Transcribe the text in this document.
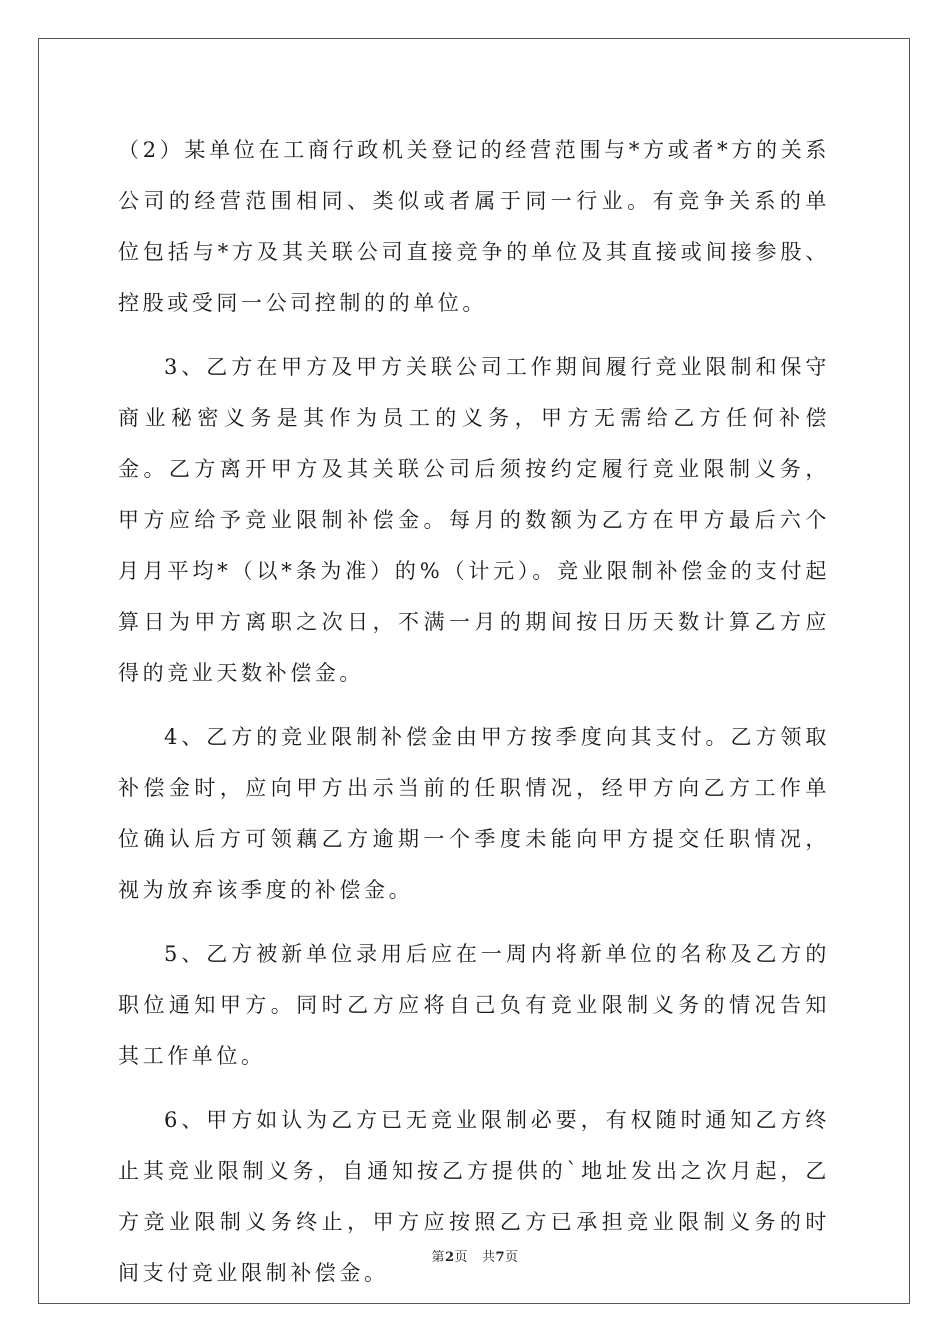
（2）某单位在工商行政机关登记的经营范围与*方或者*方的关系公司的经营范围相同、类似或者属于同一行业。有竞争关系的单位包括与*方及其关联公司直接竞争的单位及其直接或间接参股、控股或受同一公司控制的的单位。

3、乙方在甲方及甲方关联公司工作期间履行竞业限制和保守商业秘密义务是其作为员工的义务，甲方无需给乙方任何补偿金。乙方离开甲方及其关联公司后须按约定履行竞业限制义务，甲方应给予竞业限制补偿金。每月的数额为乙方在甲方最后六个月月平均*（以*条为准）的%（计元）。竞业限制补偿金的支付起算日为甲方离职之次日，不满一月的期间按日历天数计算乙方应得的竞业天数补偿金。

4、乙方的竞业限制补偿金由甲方按季度向其支付。乙方领取补偿金时，应向甲方出示当前的任职情况，经甲方向乙方工作单位确认后方可领藕乙方逾期一个季度未能向甲方提交任职情况，视为放弃该季度的补偿金。

5、乙方被新单位录用后应在一周内将新单位的名称及乙方的职位通知甲方。同时乙方应将自己负有竞业限制义务的情况告知其工作单位。

6、甲方如认为乙方已无竞业限制必要，有权随时通知乙方终止其竞业限制义务，自通知按乙方提供的`地址发出之次月起，乙方竞业限制义务终止，甲方应按照乙方已承担竞业限制义务的时间支付竞业限制补偿金。

第2页 共7页
